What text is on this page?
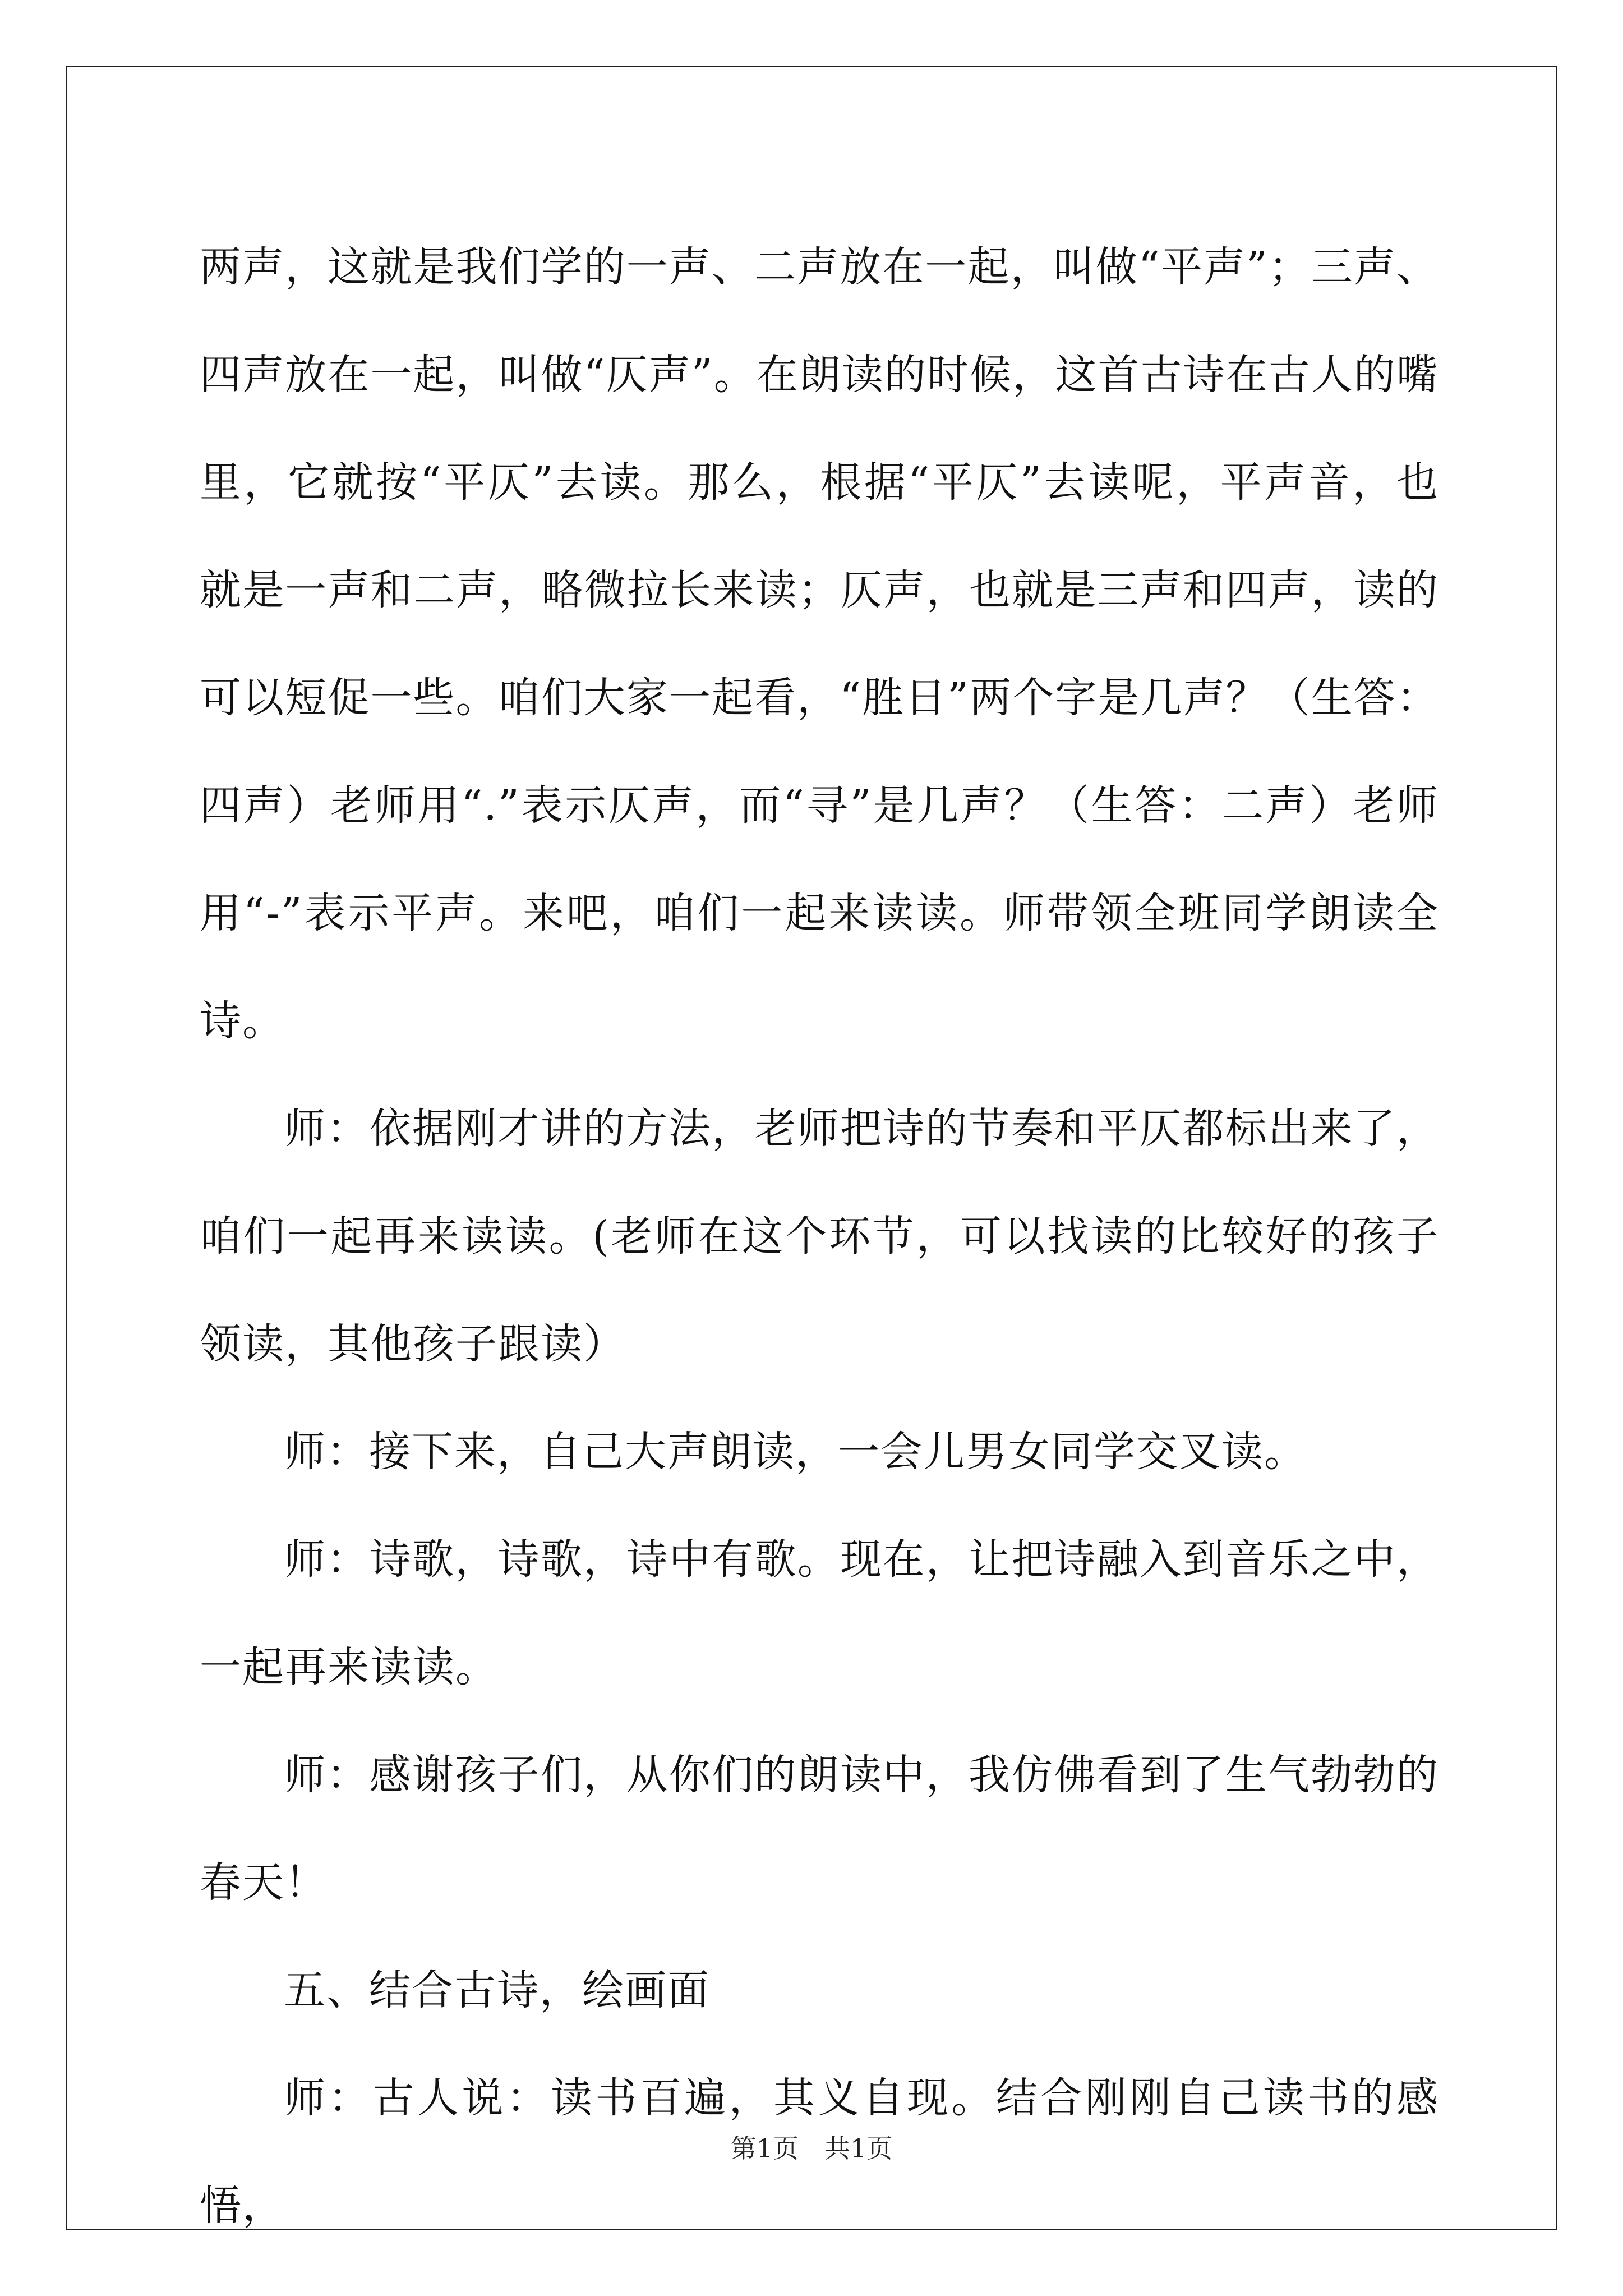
两声，这就是我们学的一声、二声放在一起，叫做“平声”；三声、四声放在一起，叫做“仄声”。在朗读的时候，这首古诗在古人的嘴里，它就按“平仄”去读。那么，根据“平仄”去读呢，平声音，也就是一声和二声，略微拉长来读；仄声，也就是三声和四声，读的可以短促一些。咱们大家一起看，“胜日”两个字是几声？（生答：四声）老师用“.”表示仄声，而“寻”是几声？（生答：二声）老师用“-”表示平声。来吧，咱们一起来读读。师带领全班同学朗读全诗。

师：依据刚才讲的方法，老师把诗的节奏和平仄都标出来了，咱们一起再来读读。(老师在这个环节，可以找读的比较好的孩子领读，其他孩子跟读）

师：接下来，自己大声朗读，一会儿男女同学交叉读。

师：诗歌，诗歌，诗中有歌。现在，让把诗融入到音乐之中，一起再来读读。

师：感谢孩子们，从你们的朗读中，我仿佛看到了生气勃勃的春天！

五、结合古诗，绘画面

师：古人说：读书百遍，其义自现。结合刚刚自己读书的感悟，

第1页　共1页
